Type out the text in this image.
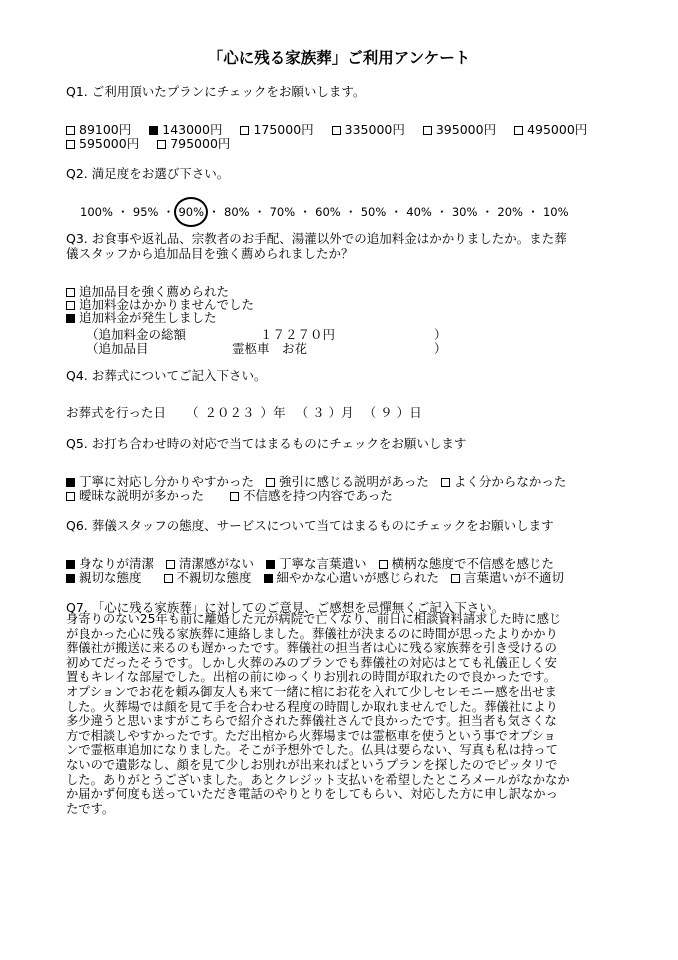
「心に残る家族葬」ご利用アンケート
Q1. ご利用頂いたプランにチェックをお願いします。
89100円 143000円 175000円 335000円 395000円 495000円
595000円 795000円
Q2. 満足度をお選び下さい。
100% ・ 95% ・ 90% ・ 80% ・ 70% ・ 60% ・ 50% ・ 40% ・ 30% ・ 20% ・ 10%
Q3. お食事や返礼品、宗教者のお手配、湯灌以外での追加料金はかかりましたか。また葬
儀スタッフから追加品目を強く薦められましたか？
追加品目を強く薦められた
追加料金はかかりませんでした
追加料金が発生しました
（追加料金の総額	１７２７０円	）
（追加品目	霊柩車　お花	）
Q4. お葬式についてご記入下さい。
お葬式を行った日 （ ２０２３ ）年 （ ３ ）月 （ ９ ）日
Q5. お打ち合わせ時の対応で当てはまるものにチェックをお願いします
丁寧に対応し分かりやすかった 強引に感じる説明があった よく分からなかった
曖昧な説明が多かった	不信感を持つ内容であった
Q6. 葬儀スタッフの態度、サービスについて当てはまるものにチェックをお願いします
身なりが清潔 清潔感がない 丁寧な言葉遣い 横柄な態度で不信感を感じた
親切な態度	不親切な態度 細やかな心遣いが感じられた 言葉遣いが不適切
Q7. 「心に残る家族葬」に対してのご意見、ご感想を忌憚無くご記入下さい。
身寄りのない25年も前に離婚した元が病院で亡くなり、前日に相談資料請求した時に感じ
が良かった心に残る家族葬に連絡しました。葬儀社が決まるのに時間が思ったよりかかり
葬儀社が搬送に来るのも遅かったです。葬儀社の担当者は心に残る家族葬を引き受けるの
初めてだったそうです。しかし火葬のみのプランでも葬儀社の対応はとても礼儀正しく安
置もキレイな部屋でした。出棺の前にゆっくりお別れの時間が取れたので良かったです。
オプションでお花を頼み御友人も来て一緒に棺にお花を入れて少しセレモニー感を出せま
した。火葬場では顔を見て手を合わせる程度の時間しか取れませんでした。葬儀社により
多少違うと思いますがこちらで紹介された葬儀社さんで良かったです。担当者も気さくな
方で相談しやすかったです。ただ出棺から火葬場までは霊柩車を使うという事でオプショ
ンで霊柩車追加になりました。そこが予想外でした。仏具は要らない、写真も私は持って
ないので遺影なし、顔を見て少しお別れが出来ればというプランを探したのでピッタリで
した。ありがとうございました。あとクレジット支払いを希望したところメールがなかなか
か届かず何度も送っていただき電話のやりとりをしてもらい、対応した方に申し訳なかっ
たです。
